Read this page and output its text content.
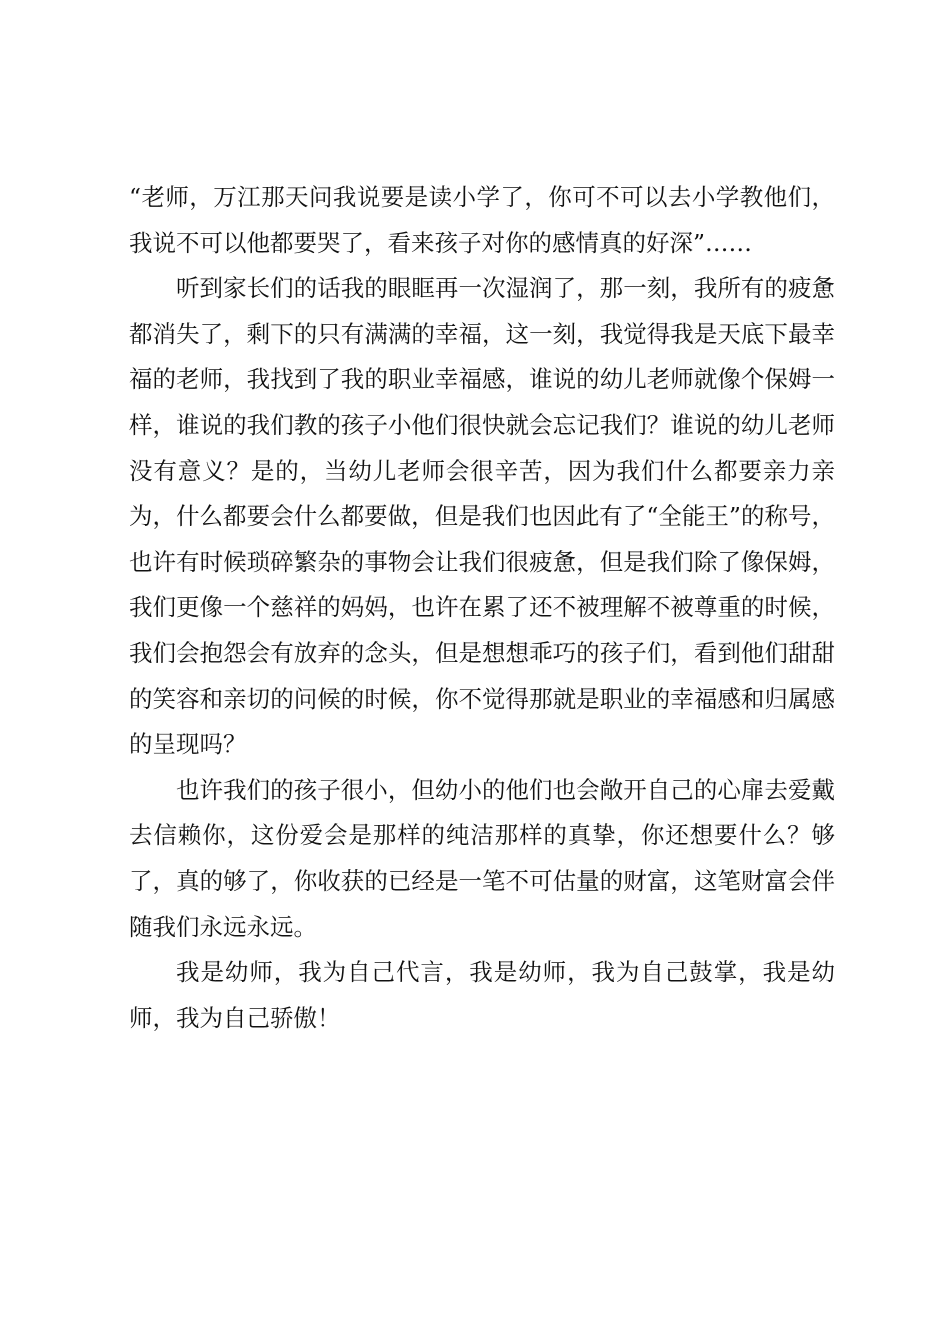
“老师，万江那天问我说要是读小学了，你可不可以去小学教他们，我说不可以他都要哭了，看来孩子对你的感情真的好深”……

听到家长们的话我的眼眶再一次湿润了，那一刻，我所有的疲惫都消失了，剩下的只有满满的幸福，这一刻，我觉得我是天底下最幸福的老师，我找到了我的职业幸福感，谁说的幼儿老师就像个保姆一样，谁说的我们教的孩子小他们很快就会忘记我们？谁说的幼儿老师没有意义？是的，当幼儿老师会很辛苦，因为我们什么都要亲力亲为，什么都要会什么都要做，但是我们也因此有了“全能王”的称号，也许有时候琐碎繁杂的事物会让我们很疲惫，但是我们除了像保姆，我们更像一个慈祥的妈妈，也许在累了还不被理解不被尊重的时候，我们会抱怨会有放弃的念头，但是想想乖巧的孩子们，看到他们甜甜的笑容和亲切的问候的时候，你不觉得那就是职业的幸福感和归属感的呈现吗？

也许我们的孩子很小，但幼小的他们也会敞开自己的心扉去爱戴去信赖你，这份爱会是那样的纯洁那样的真挚，你还想要什么？够了，真的够了，你收获的已经是一笔不可估量的财富，这笔财富会伴随我们永远永远。

我是幼师，我为自己代言，我是幼师，我为自己鼓掌，我是幼师，我为自己骄傲！
